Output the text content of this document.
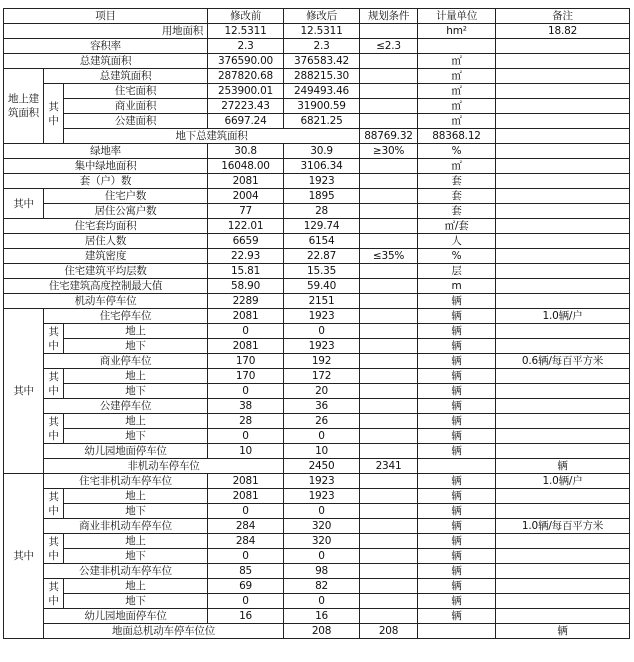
项目			修改前	修改后	规划条件	计量单位	备注	
用地面积			12.5311	12.5311		hm²	18.82	
容积率			2.3	2.3	≤2.3			
总建筑面积			376590.00	376583.42		㎡		
地上建筑面积	总建筑面积		287820.68	288215.30		㎡		
	其中	住宅面积	253900.01	249493.46		㎡		
		商业面积	27223.43	31900.59		㎡		
		公建面积	6697.24	6821.25		㎡		
		地下总建筑面积			88769.32	88368.12			
绿地率			30.8	30.9	≥30%	%		
集中绿地面积			16048.00	3106.34		㎡		
套（户）数			2081	1923		套		
其中	住宅户数		2004	1895		套		
	居住公寓户数		77	28		套		
住宅套均面积			122.01	129.74		㎡/套		
居住人数			6659	6154		人		
建筑密度			22.93	22.87	≤35%	%		
住宅建筑平均层数			15.81	15.35		层		
住宅建筑高度控制最大值			58.90	59.40		m		
机动车停车位			2289	2151		辆		
其中	住宅停车位		2081	1923		辆	1.0辆/户	
	其中	地上	0	0		辆		
		地下	2081	1923		辆		
	商业停车位		170	192		辆	0.6辆/每百平方米	
	其中	地上	170	172		辆		
		地下	0	20		辆		
	公建停车位		38	36		辆		
	其中	地上	28	26		辆		
		地下	0	0		辆		
	幼儿园地面停车位		10	10		辆		
	非机动车停车位			2450	2341		辆	
其中	住宅非机动车停车位		2081	1923		辆	1.0辆/户	
	其中	地上	2081	1923		辆		
		地下	0	0		辆		
	商业非机动车停车位		284	320		辆	1.0辆/每百平方米	
	其中	地上	284	320		辆		
		地下	0	0		辆		
	公建非机动车停车位		85	98		辆		
	其中	地上	69	82		辆		
		地下	0	0		辆		
	幼儿园地面停车位		16	16		辆		
	地面总机动车停车位位			208	208		辆	
